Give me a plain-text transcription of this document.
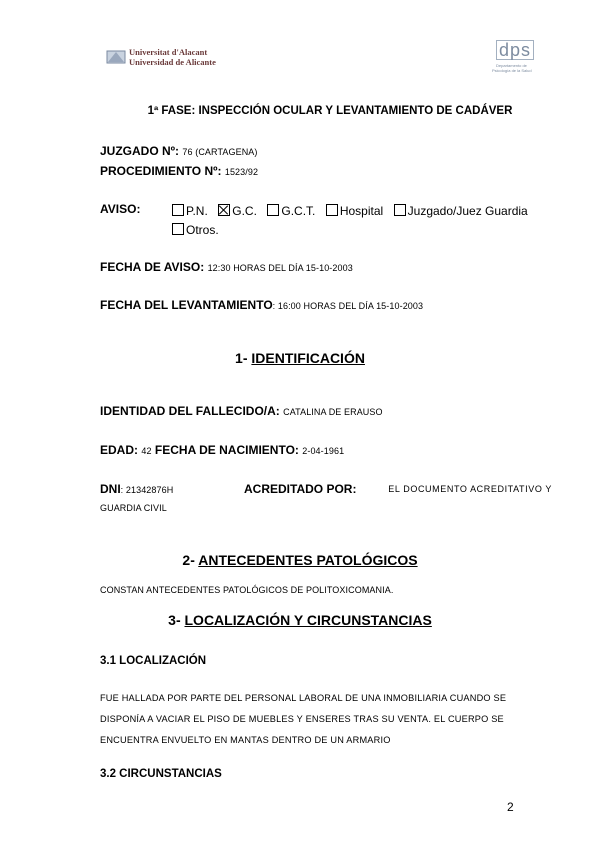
Universitat d'Alacant
Universidad de Alicante
dps
Departamento de
Psicología de la Salud
1ª FASE: INSPECCIÓN OCULAR Y LEVANTAMIENTO DE CADÁVER
JUZGADO Nº: 76 (CARTAGENA)
PROCEDIMIENTO Nº: 1523/92
AVISO:	P.N. G.C. G.C.T. Hospital Juzgado/Juez Guardia
Otros.
FECHA DE AVISO: 12:30 HORAS DEL DÍA 15-10-2003
FECHA DEL LEVANTAMIENTO: 16:00 HORAS DEL DÍA 15-10-2003
1- IDENTIFICACIÓN
IDENTIDAD DEL FALLECIDO/A: CATALINA DE ERAUSO
EDAD: 42 FECHA DE NACIMIENTO: 2-04-1961
DNI: 21342876H	ACREDITADO POR:	EL DOCUMENTO ACREDITATIVO Y
GUARDIA CIVIL
2- ANTECEDENTES PATOLÓGICOS
CONSTAN ANTECEDENTES PATOLÓGICOS DE POLITOXICOMANIA.
3- LOCALIZACIÓN Y CIRCUNSTANCIAS
3.1 LOCALIZACIÓN
FUE HALLADA POR PARTE DEL PERSONAL LABORAL DE UNA INMOBILIARIA CUANDO SE
DISPONÍA A VACIAR EL PISO DE MUEBLES Y ENSERES TRAS SU VENTA. EL CUERPO SE
ENCUENTRA ENVUELTO EN MANTAS DENTRO DE UN ARMARIO
3.2 CIRCUNSTANCIAS
2
